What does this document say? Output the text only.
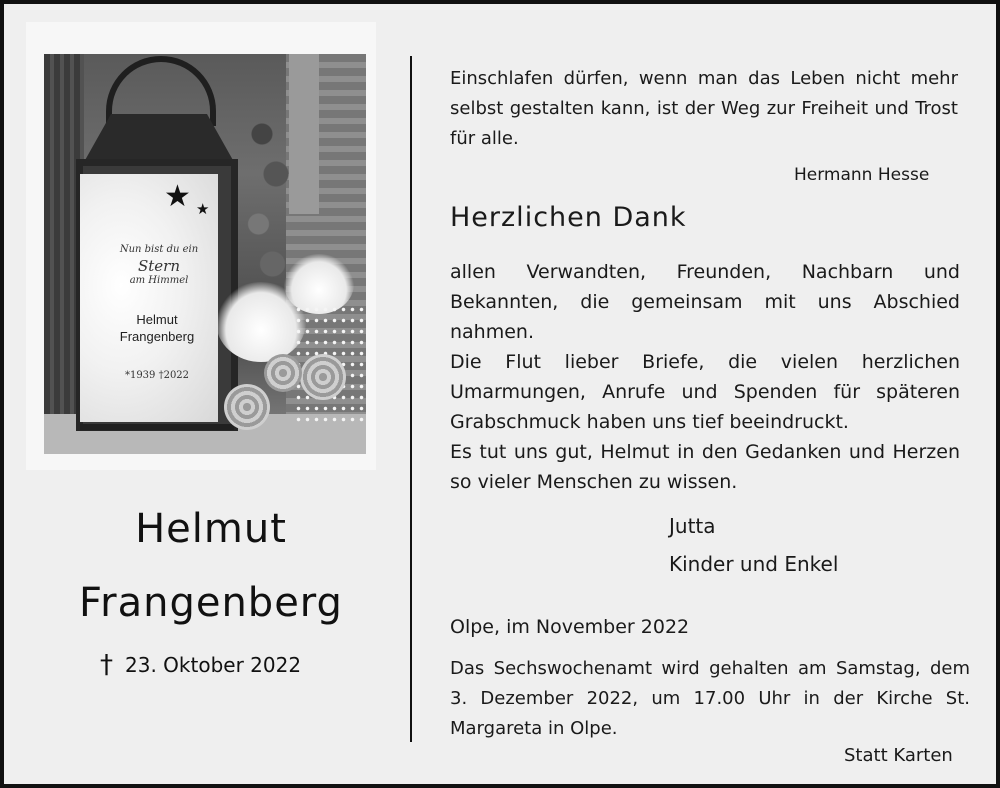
★ ★
Nun bist du ein
Stern
am Himmel
Helmut
Frangenberg
*1939 †2022
Helmut
Frangenberg
† 23. Oktober 2022
Einschlafen dürfen, wenn man das Leben nicht mehr selbst gestalten kann, ist der Weg zur Freiheit und Trost für alle.
Hermann Hesse
Herzlichen Dank

allen Verwandten, Freunden, Nachbarn und Bekannten, die gemeinsam mit uns Abschied nahmen.

Die Flut lieber Briefe, die vielen herzlichen Umarmungen, Anrufe und Spenden für späteren Grabschmuck haben uns tief beeindruckt.

Es tut uns gut, Helmut in den Gedanken und Herzen so vieler Menschen zu wissen.

Jutta
Kinder und Enkel
Olpe, im November 2022
Das Sechswochenamt wird gehalten am Samstag, dem 3. Dezember 2022, um 17.00 Uhr in der Kirche St. Margareta in Olpe.
Statt Karten
